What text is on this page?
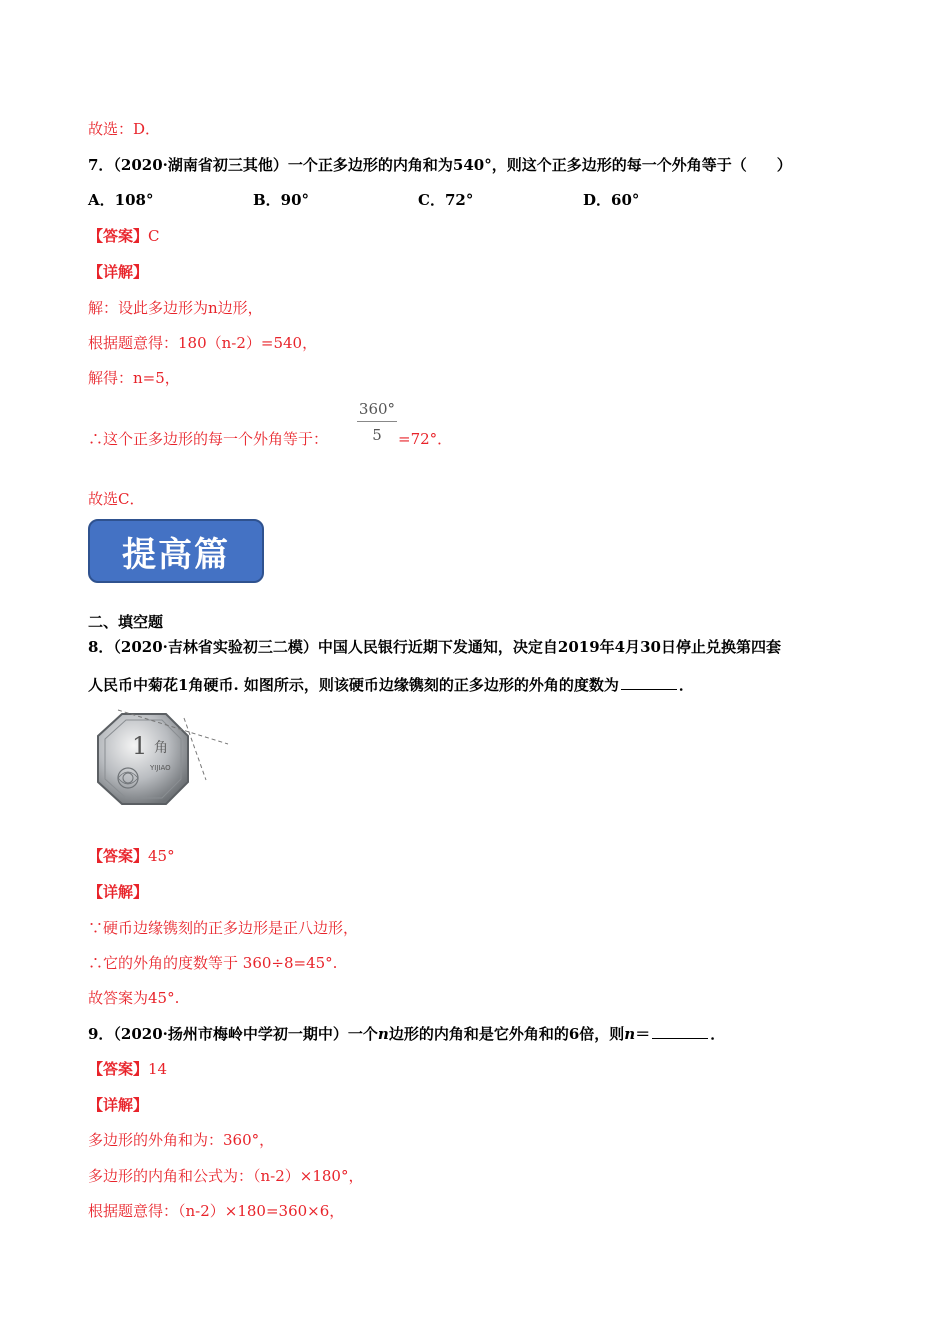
故选：D．
7．（2020·湖南省初三其他）一个正多边形的内角和为540°，则这个正多边形的每一个外角等于（　　）
A．108°	B．90°	C．72°	D．60°
【答案】C
【详解】
解：设此多边形为n边形，
根据题意得：180（n-2）=540，
解得：n=5，
∴这个正多边形的每一个外角等于： $\frac{360^\circ}{5} =72^\circ$．
故选C．
提高篇
二、填空题
8．（2020·吉林省实验初三二模）中国人民银行近期下发通知，决定自2019年4月30日停止兑换第四套
人民币中菊花1角硬币. 如图所示，则该硬币边缘镌刻的正多边形的外角的度数为	．
1 角
YIJIAO
【答案】45°
【详解】
∵硬币边缘镌刻的正多边形是正八边形，
∴它的外角的度数等于 360÷8=45°.
故答案为45°.
9．（2020·扬州市梅岭中学初一期中）一个n边形的内角和是它外角和的6倍，则n＝	．
【答案】14
【详解】
多边形的外角和为：360°，
多边形的内角和公式为：（n-2）×180°，
根据题意得：（n-2）×180=360×6，
